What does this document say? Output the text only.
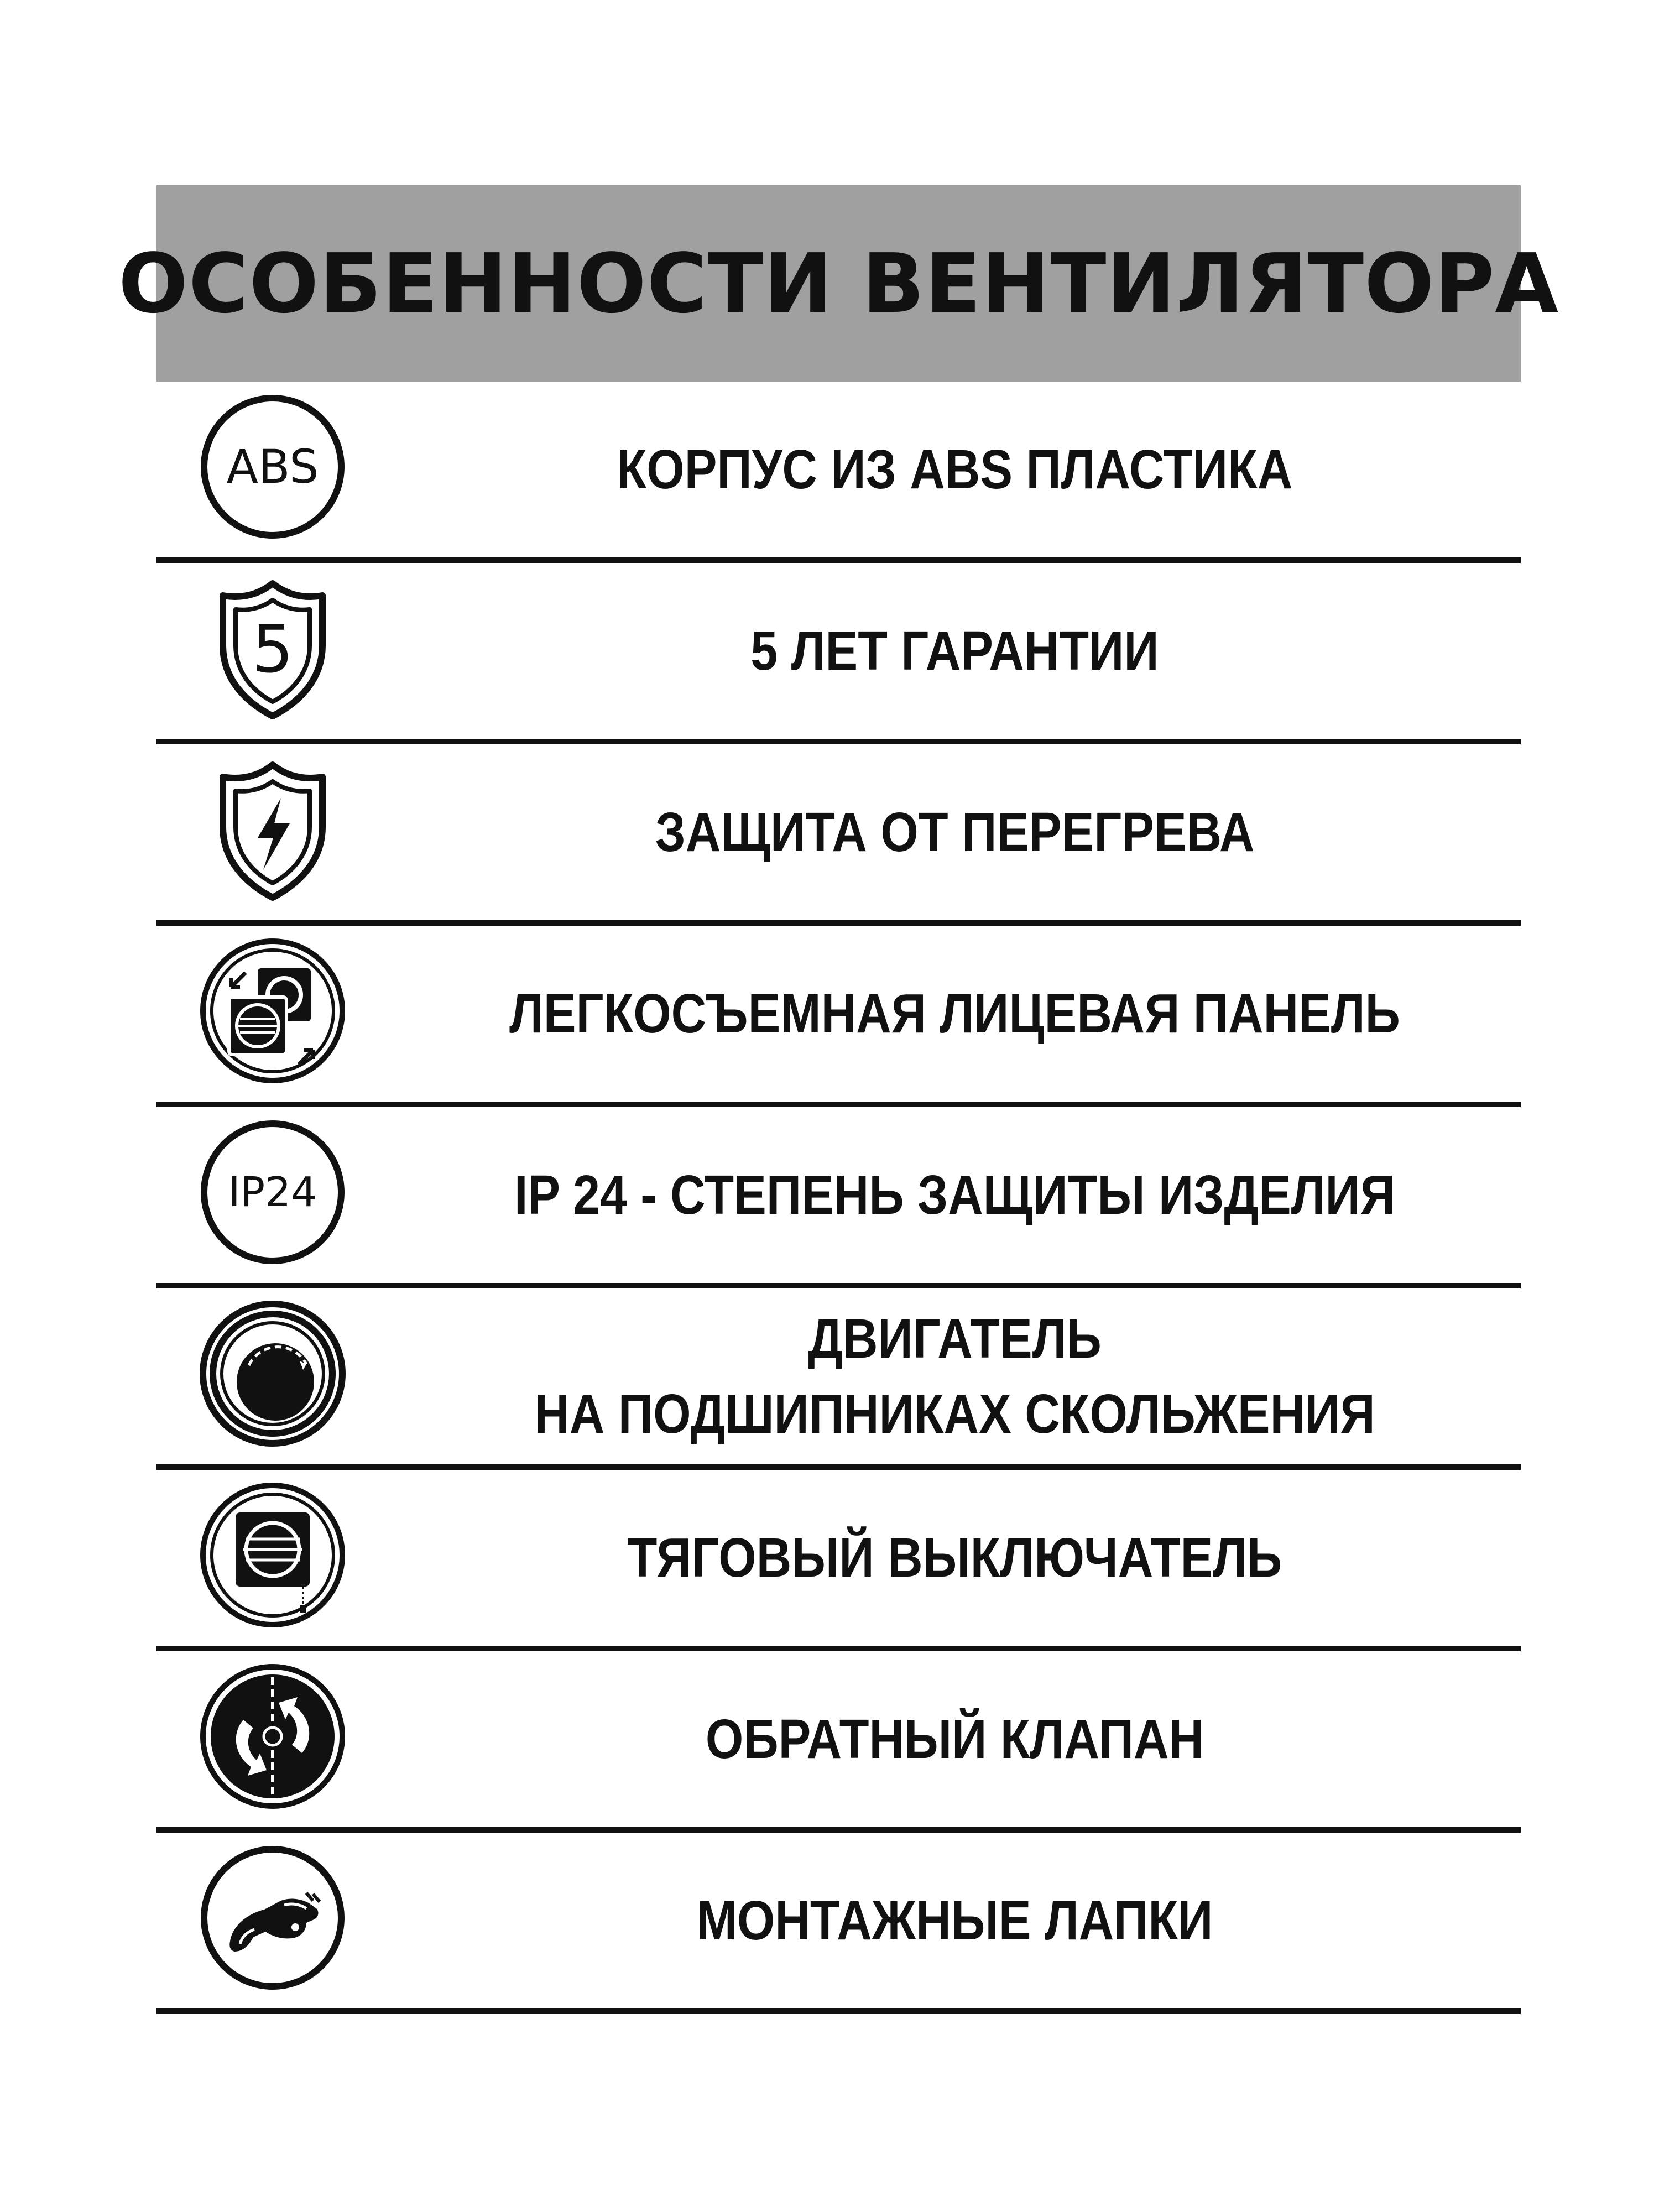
ОСОБЕННОСТИ ВЕНТИЛЯТОРА
ABS	КОРПУС ИЗ ABS ПЛАСТИКА
5	5 ЛЕТ ГАРАНТИИ
ЗАЩИТА ОТ ПЕРЕГРЕВА
ЛЕГКОСЪЕМНАЯ ЛИЦЕВАЯ ПАНЕЛЬ
IP24	IP 24 - СТЕПЕНЬ ЗАЩИТЫ ИЗДЕЛИЯ
ДВИГАТЕЛЬ
НА ПОДШИПНИКАХ СКОЛЬЖЕНИЯ
ТЯГОВЫЙ ВЫКЛЮЧАТЕЛЬ
ОБРАТНЫЙ КЛАПАН
МОНТАЖНЫЕ ЛАПКИ
